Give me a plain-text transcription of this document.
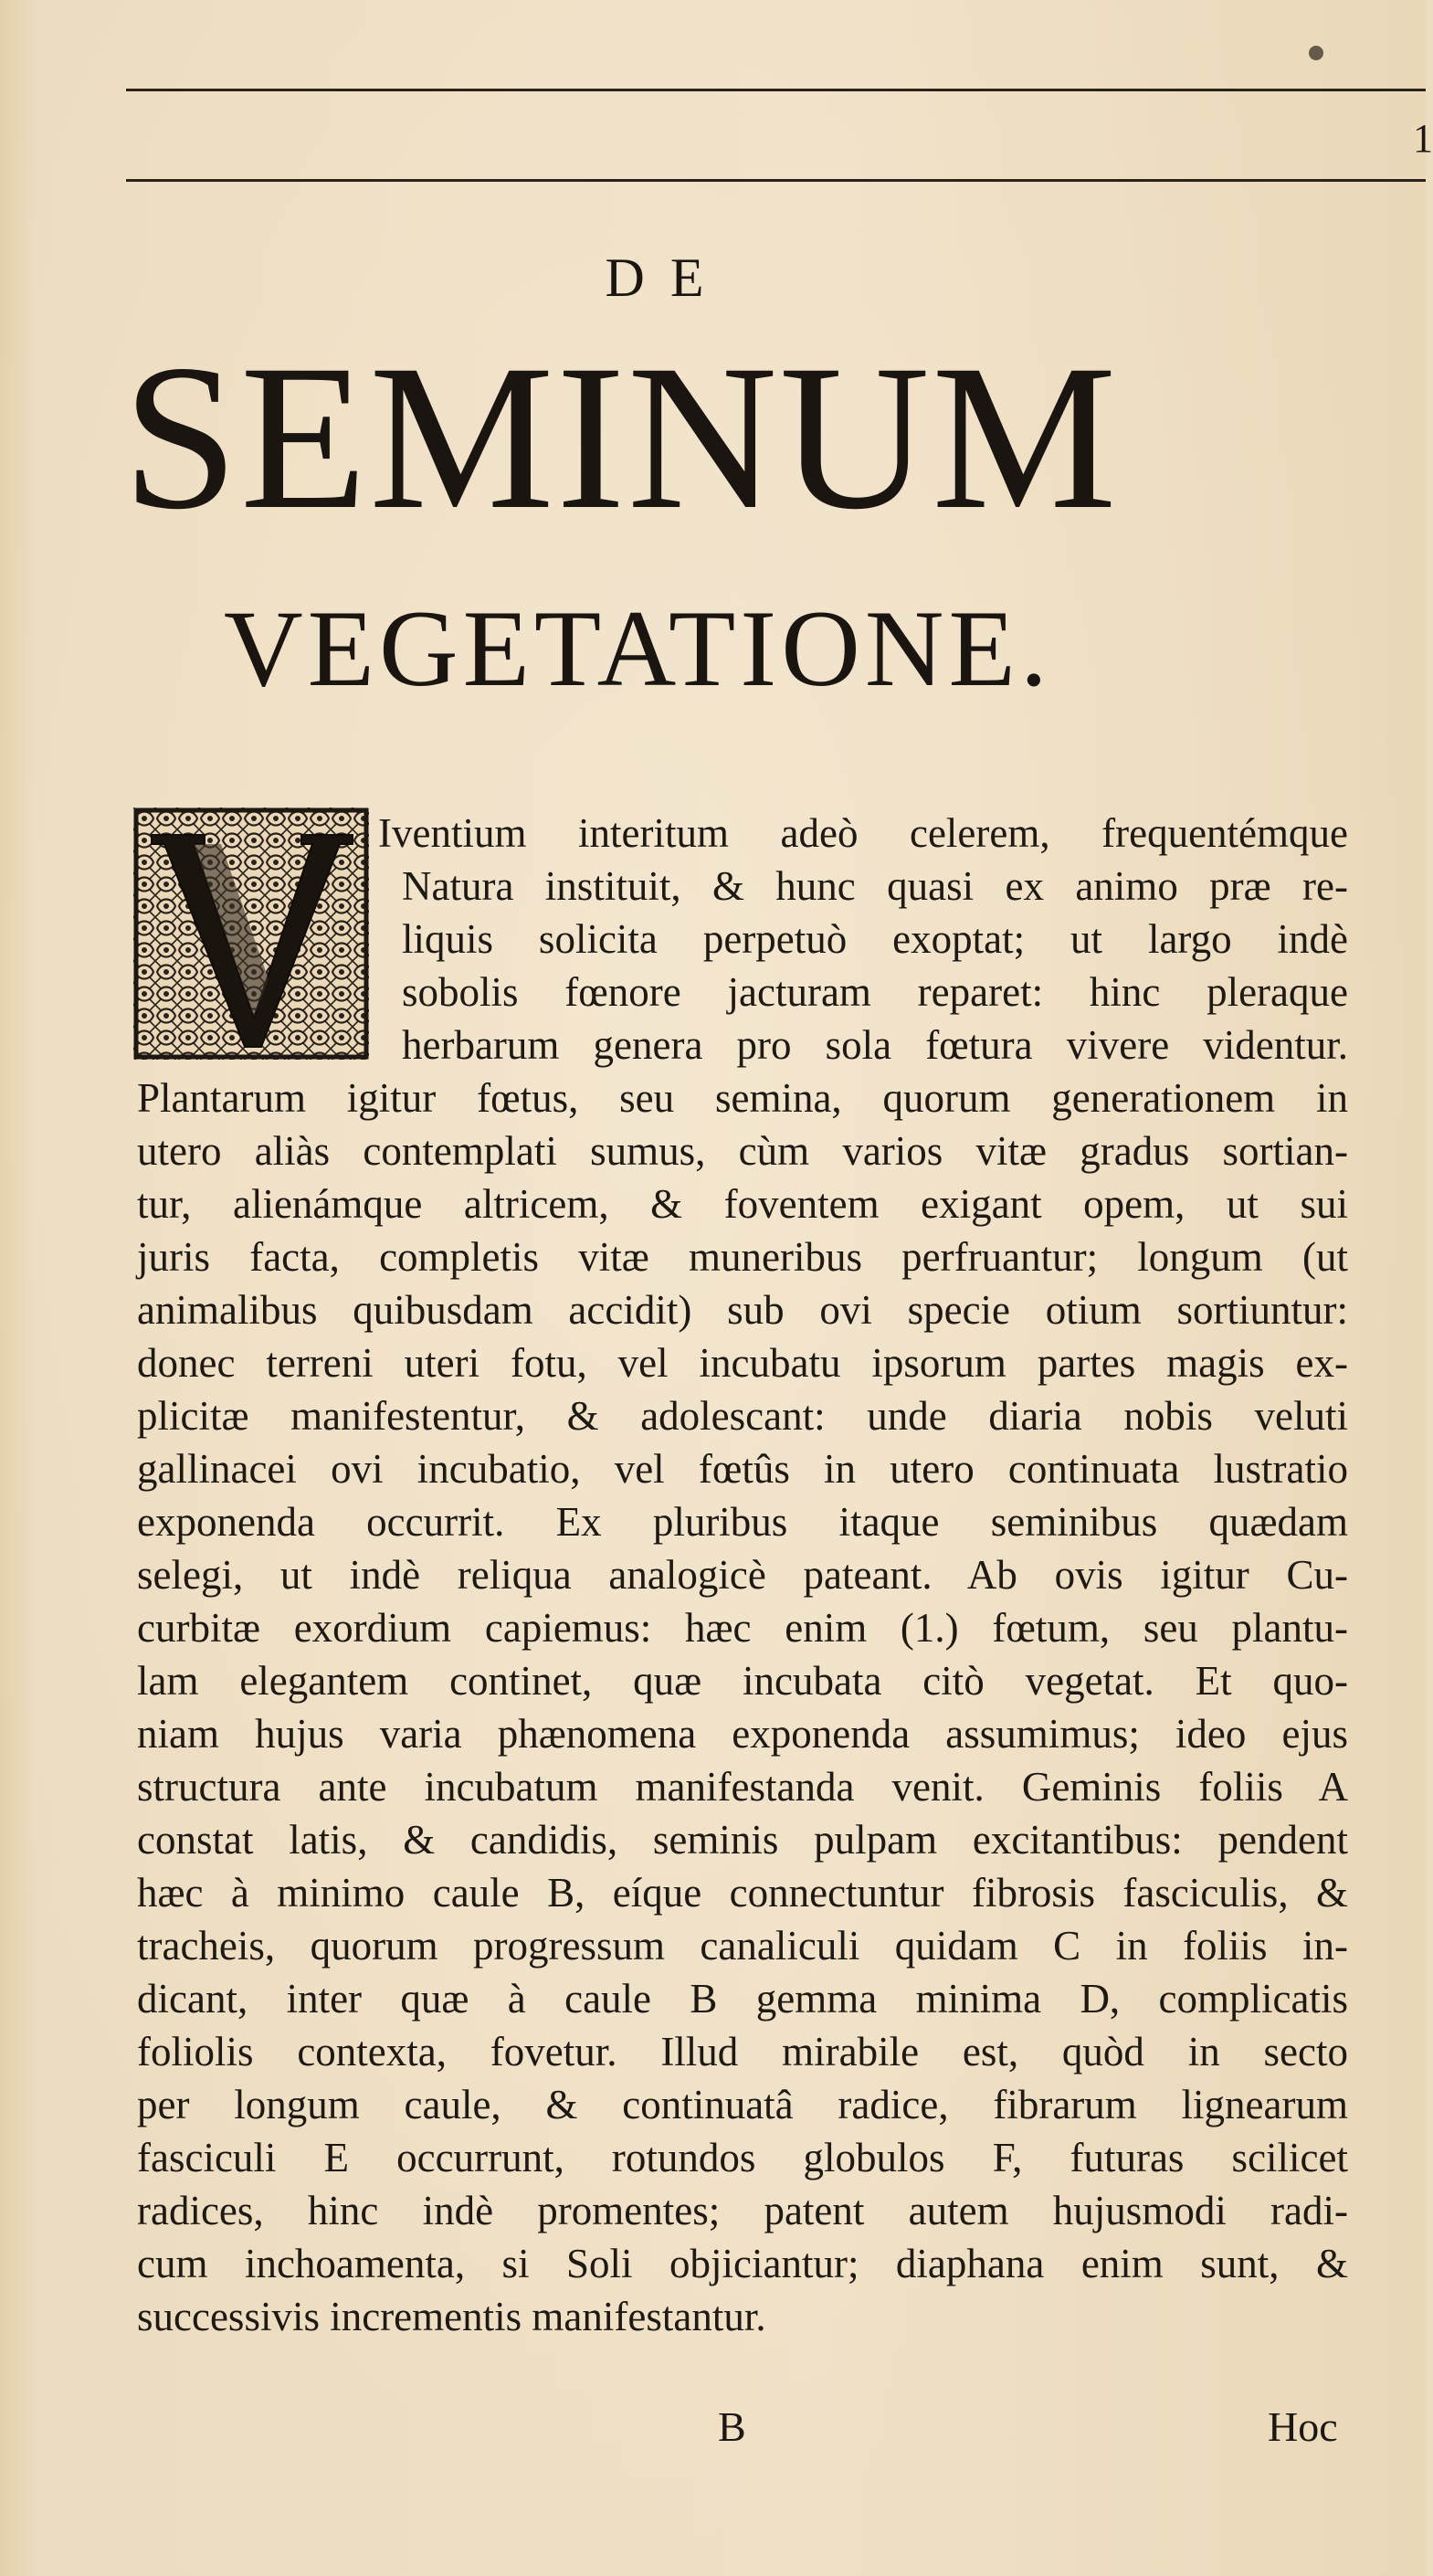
1
DE
SEMINUM
VEGETATIONE.
V
Iventium interitum adeò celerem, frequentémque
Natura instituit, & hunc quasi ex animo præ re-
liquis solicita perpetuò exoptat; ut largo indè
sobolis fœnore jacturam reparet: hinc pleraque
herbarum genera pro sola fœtura vivere videntur.
Plantarum igitur fœtus, seu semina, quorum generationem in
utero aliàs contemplati sumus, cùm varios vitæ gradus sortian-
tur, alienámque altricem, & foventem exigant opem, ut sui
juris facta, completis vitæ muneribus perfruantur; longum (ut
animalibus quibusdam accidit) sub ovi specie otium sortiuntur:
donec terreni uteri fotu, vel incubatu ipsorum partes magis ex-
plicitæ manifestentur, & adolescant: unde diaria nobis veluti
gallinacei ovi incubatio, vel fœtûs in utero continuata lustratio
exponenda occurrit. Ex pluribus itaque seminibus quædam
selegi, ut indè reliqua analogicè pateant. Ab ovis igitur Cu-
curbitæ exordium capiemus: hæc enim (1.) fœtum, seu plantu-
lam elegantem continet, quæ incubata citò vegetat. Et quo-
niam hujus varia phænomena exponenda assumimus; ideo ejus
structura ante incubatum manifestanda venit. Geminis foliis A
constat latis, & candidis, seminis pulpam excitantibus: pendent
hæc à minimo caule B, eíque connectuntur fibrosis fasciculis, &
tracheis, quorum progressum canaliculi quidam C in foliis in-
dicant, inter quæ à caule B gemma minima D, complicatis
foliolis contexta, fovetur. Illud mirabile est, quòd in secto
per longum caule, & continuatâ radice, fibrarum lignearum
fasciculi E occurrunt, rotundos globulos F, futuras scilicet
radices, hinc indè promentes; patent autem hujusmodi radi-
cum inchoamenta, si Soli objiciantur; diaphana enim sunt, &
successivis incrementis manifestantur.
B	Hoc
